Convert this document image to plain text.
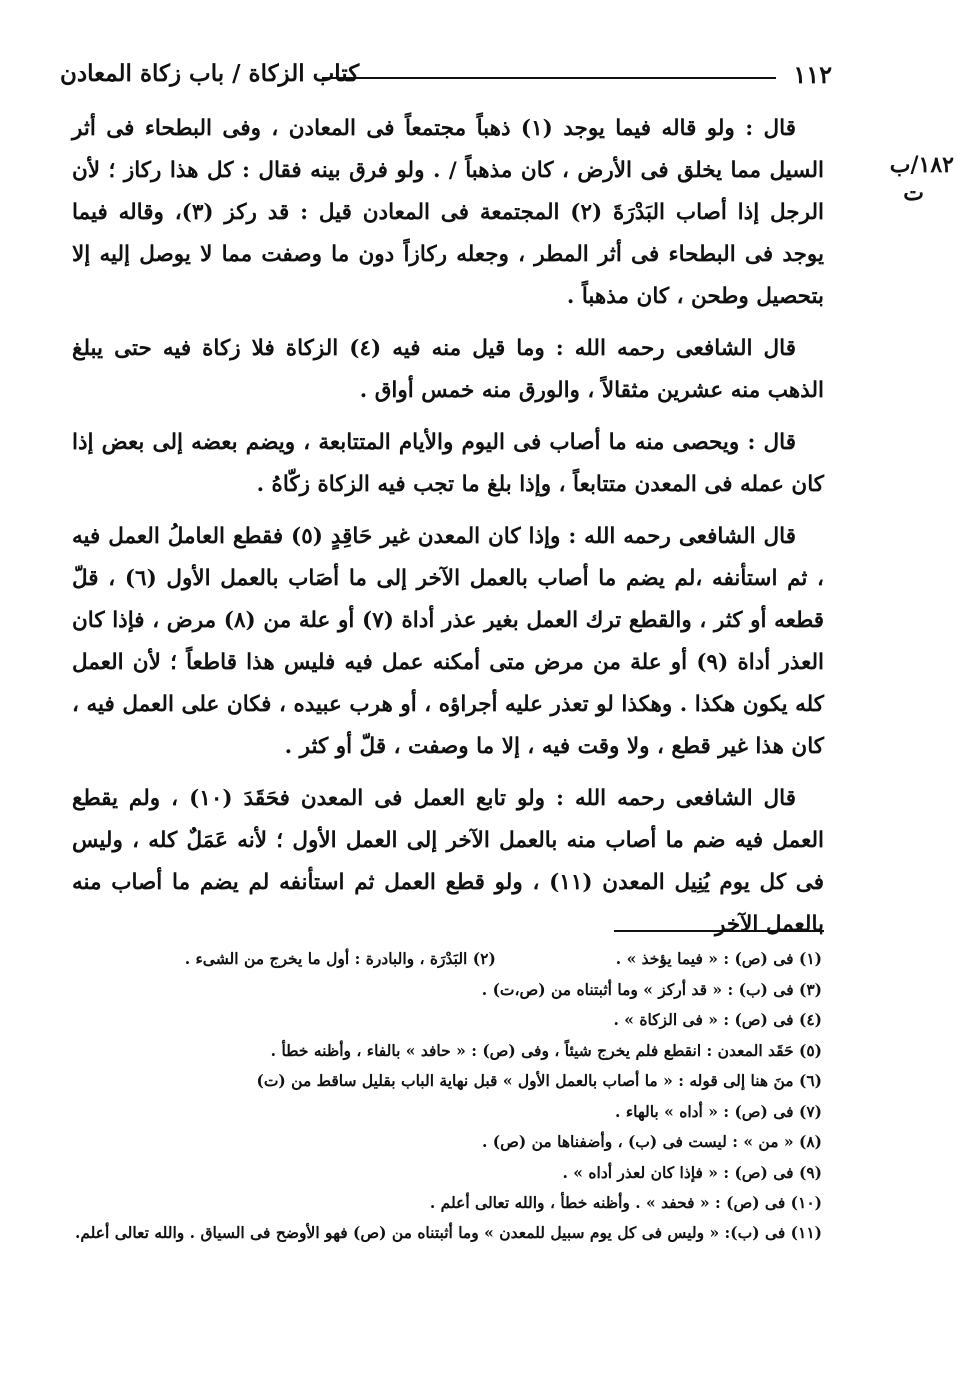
كتاب الزكاة / باب زكاة المعادن	١١٢
١٨٢/ب
ت

قال : ولو قاله فيما يوجد (١) ذهباً مجتمعاً فى المعادن ، وفى البطحاء فى أثر السيل مما يخلق فى الأرض ، كان مذهباً / . ولو فرق بينه فقال : كل هذا ركاز ؛ لأن الرجل إذا أصاب البَدْرَةَ (٢) المجتمعة فى المعادن قيل : قد ركز (٣)، وقاله فيما يوجد فى البطحاء فى أثر المطر ، وجعله ركازاً دون ما وصفت مما لا يوصل إليه إلا بتحصيل وطحن ، كان مذهباً .

قال الشافعى رحمه الله : وما قيل منه فيه (٤) الزكاة فلا زكاة فيه حتى يبلغ الذهب منه عشرين مثقالاً ، والورق منه خمس أواق .

قال : ويحصى منه ما أصاب فى اليوم والأيام المتتابعة ، ويضم بعضه إلى بعض إذا كان عمله فى المعدن متتابعاً ، وإذا بلغ ما تجب فيه الزكاة زكّاهُ .

قال الشافعى رحمه الله : وإذا كان المعدن غير حَاقِدٍ (٥) فقطع العاملُ العمل فيه ، ثم استأنفه ،لم يضم ما أصاب بالعمل الآخر إلى ما أصَاب بالعمل الأول (٦) ، قلّ قطعه أو كثر ، والقطع ترك العمل بغير عذر أداة (٧) أو علة من (٨) مرض ، فإذا كان العذر أداة (٩) أو علة من مرض متى أمكنه عمل فيه فليس هذا قاطعاً ؛ لأن العمل كله يكون هكذا . وهكذا لو تعذر عليه أجراؤه ، أو هرب عبيده ، فكان على العمل فيه ، كان هذا غير قطع ، ولا وقت فيه ، إلا ما وصفت ، قلّ أو كثر .

قال الشافعى رحمه الله : ولو تابع العمل فى المعدن فحَقَدَ (١٠) ، ولم يقطع العمل فيه ضم ما أصاب منه بالعمل الآخر إلى العمل الأول ؛ لأنه عَمَلٌ كله ، وليس فى كل يوم يُنِيل المعدن (١١) ، ولو قطع العمل ثم استأنفه لم يضم ما أصاب منه بالعمل الآخر

(١) فى (ص) : « فيما يؤخذ » .
(٢) البَدْرَة ، والبادرة : أول ما يخرج من الشىء .
(٣) فى (ب) : « قد أركز » وما أثبتناه من (ص،ت) .
(٤) فى (ص) : « فى الزكاة » .
(٥) حَقَد المعدن : انقطع فلم يخرج شيئاً ، وفى (ص) : « حافد » بالفاء ، وأظنه خطأ .
(٦) منَ هنا إلى قوله : « ما أصاب بالعمل الأول » قبل نهاية الباب بقليل ساقط من (ت)
(٧) فى (ص) : « أداه » بالهاء .
(٨) « من » : ليست فى (ب) ، وأضفناها من (ص) .
(٩) فى (ص) : « فإذا كان لعذر أداه » .
(١٠) فى (ص) : « فحفد » . وأظنه خطأ ، والله تعالى أعلم .
(١١) فى (ب): « وليس فى كل يوم سبيل للمعدن » وما أثبتناه من (ص) فهو الأوضح فى السياق . والله تعالى أعلم.
